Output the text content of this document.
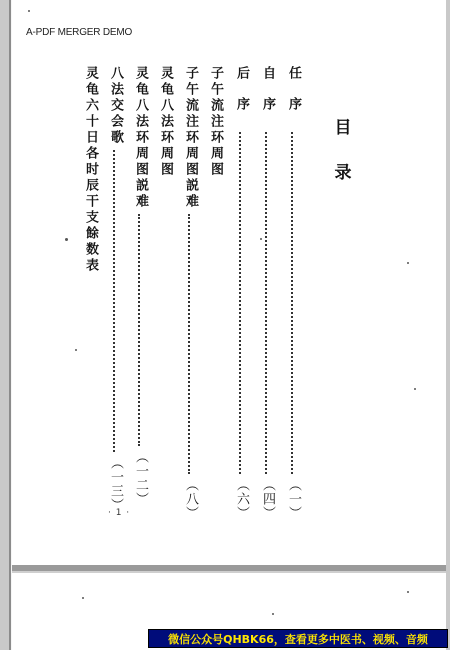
A-PDF MERGER DEMO
目
录
任序
（一）
自序
（四）
后序
（六）
子午流注环周图
子午流注环周图説难
（八）
灵龟八法环周图
灵龟八法环周图説难
（一二）
八法交会歌
（一三）
灵龟六十日各时辰干支餘数表
· 1 ·
微信公众号QHBK66，查看更多中医书、视频、音频
